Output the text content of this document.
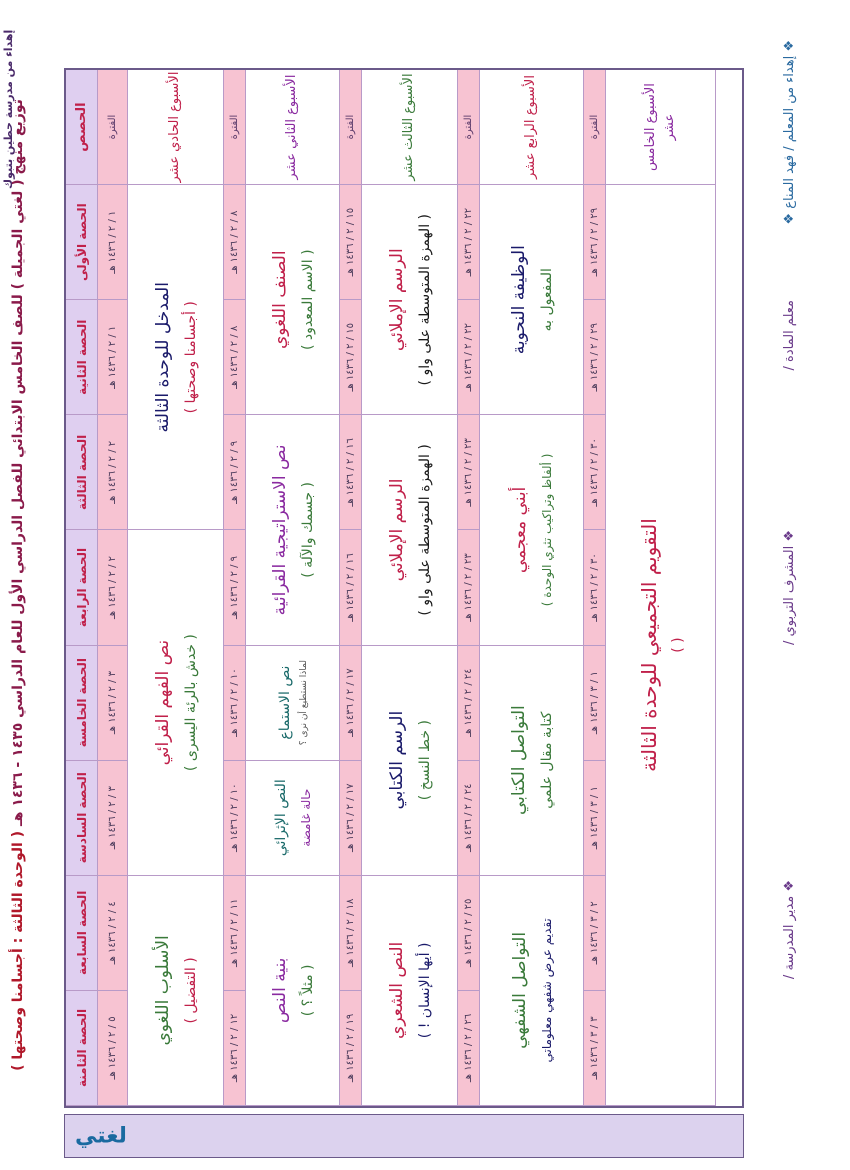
توزيع منهج ( لغتي الجميلة ) للصف الخامس الابتدائي للفصل الدراسي الأول للعام الدراسي ١٤٣٥ - ١٤٣٦ هـ ( الوحدة الثالثة : أجسامنا وصحتها )
الحصص
الحصة الأولى
الحصة الثانية
الحصة الثالثة
الحصة الرابعة
الحصة الخامسة
الحصة السادسة
الحصة السابعة
الحصة الثامنة
الفترة
١ / ٢ / ١٤٣٦ هـ
١ / ٢ / ١٤٣٦ هـ
٢ / ٢ / ١٤٣٦ هـ
٢ / ٢ / ١٤٣٦ هـ
٣ / ٢ / ١٤٣٦ هـ
٣ / ٢ / ١٤٣٦ هـ
٤ / ٢ / ١٤٣٦ هـ
٥ / ٢ / ١٤٣٦ هـ
الأسبوع الحادي عشر
المدخل للوحدة الثالثة ( أجسامنا وصحتها )
نص الفهم القرائي ( خدش بالرئة اليسرى )
الأسلوب اللغوي ( التفضيل )
الفترة
٨ / ٢ / ١٤٣٦ هـ
٨ / ٢ / ١٤٣٦ هـ
٩ / ٢ / ١٤٣٦ هـ
٩ / ٢ / ١٤٣٦ هـ
١٠ / ٢ / ١٤٣٦ هـ
١٠ / ٢ / ١٤٣٦ هـ
١١ / ٢ / ١٤٣٦ هـ
١٢ / ٢ / ١٤٣٦ هـ
الأسبوع الثاني عشر
الصنف اللغوي ( الاسم المعدود )
نص الاستراتيجية القرائية ( جسمك والآلة )
نص الاستماع لماذا نستطيع أن نرى ؟
النص الإثرائي حالة غامضة
بنية النص ( مثلاً ؟ )
الفترة
١٥ / ٢ / ١٤٣٦ هـ
١٥ / ٢ / ١٤٣٦ هـ
١٦ / ٢ / ١٤٣٦ هـ
١٦ / ٢ / ١٤٣٦ هـ
١٧ / ٢ / ١٤٣٦ هـ
١٧ / ٢ / ١٤٣٦ هـ
١٨ / ٢ / ١٤٣٦ هـ
١٩ / ٢ / ١٤٣٦ هـ
الأسبوع الثالث عشر
الرسم الإملائي ( الهمزة المتوسطة على واو )
الرسم الإملائي ( الهمزة المتوسطة على واو )
الرسم الكتابي ( خط النسخ )
النص الشعري ( أيها الإنسان ! )
الفترة
٢٢ / ٢ / ١٤٣٦ هـ
٢٢ / ٢ / ١٤٣٦ هـ
٢٣ / ٢ / ١٤٣٦ هـ
٢٣ / ٢ / ١٤٣٦ هـ
٢٤ / ٢ / ١٤٣٦ هـ
٢٤ / ٢ / ١٤٣٦ هـ
٢٥ / ٢ / ١٤٣٦ هـ
٢٦ / ٢ / ١٤٣٦ هـ
الأسبوع الرابع عشر
الوظيفة النحوية المفعول به
أبني معجمي ( ألفاظ وتراكيب تثري الوحدة )
التواصل الكتابي كتابة مقال علمي
التواصل الشفهي تقديم عرض شفهي معلوماتي
الفترة
٢٩ / ٢ / ١٤٣٦ هـ
٢٩ / ٢ / ١٤٣٦ هـ
٣٠ / ٢ / ١٤٣٦ هـ
٣٠ / ٢ / ١٤٣٦ هـ
١ / ٣ / ١٤٣٦ هـ
١ / ٣ / ١٤٣٦ هـ
٢ / ٣ / ١٤٣٦ هـ
٣ / ٣ / ١٤٣٦ هـ
الأسبوع الخامس عشر
التقويم التجميعي للوحدة الثالثة ( )
لغتي
❖ إهداء من المعلم / فهد المناع ❖
معلم المادة /
❖ المشرف التربوي /
❖ مدير المدرسة /
إهداء من مدرسة حطين بتبوك
